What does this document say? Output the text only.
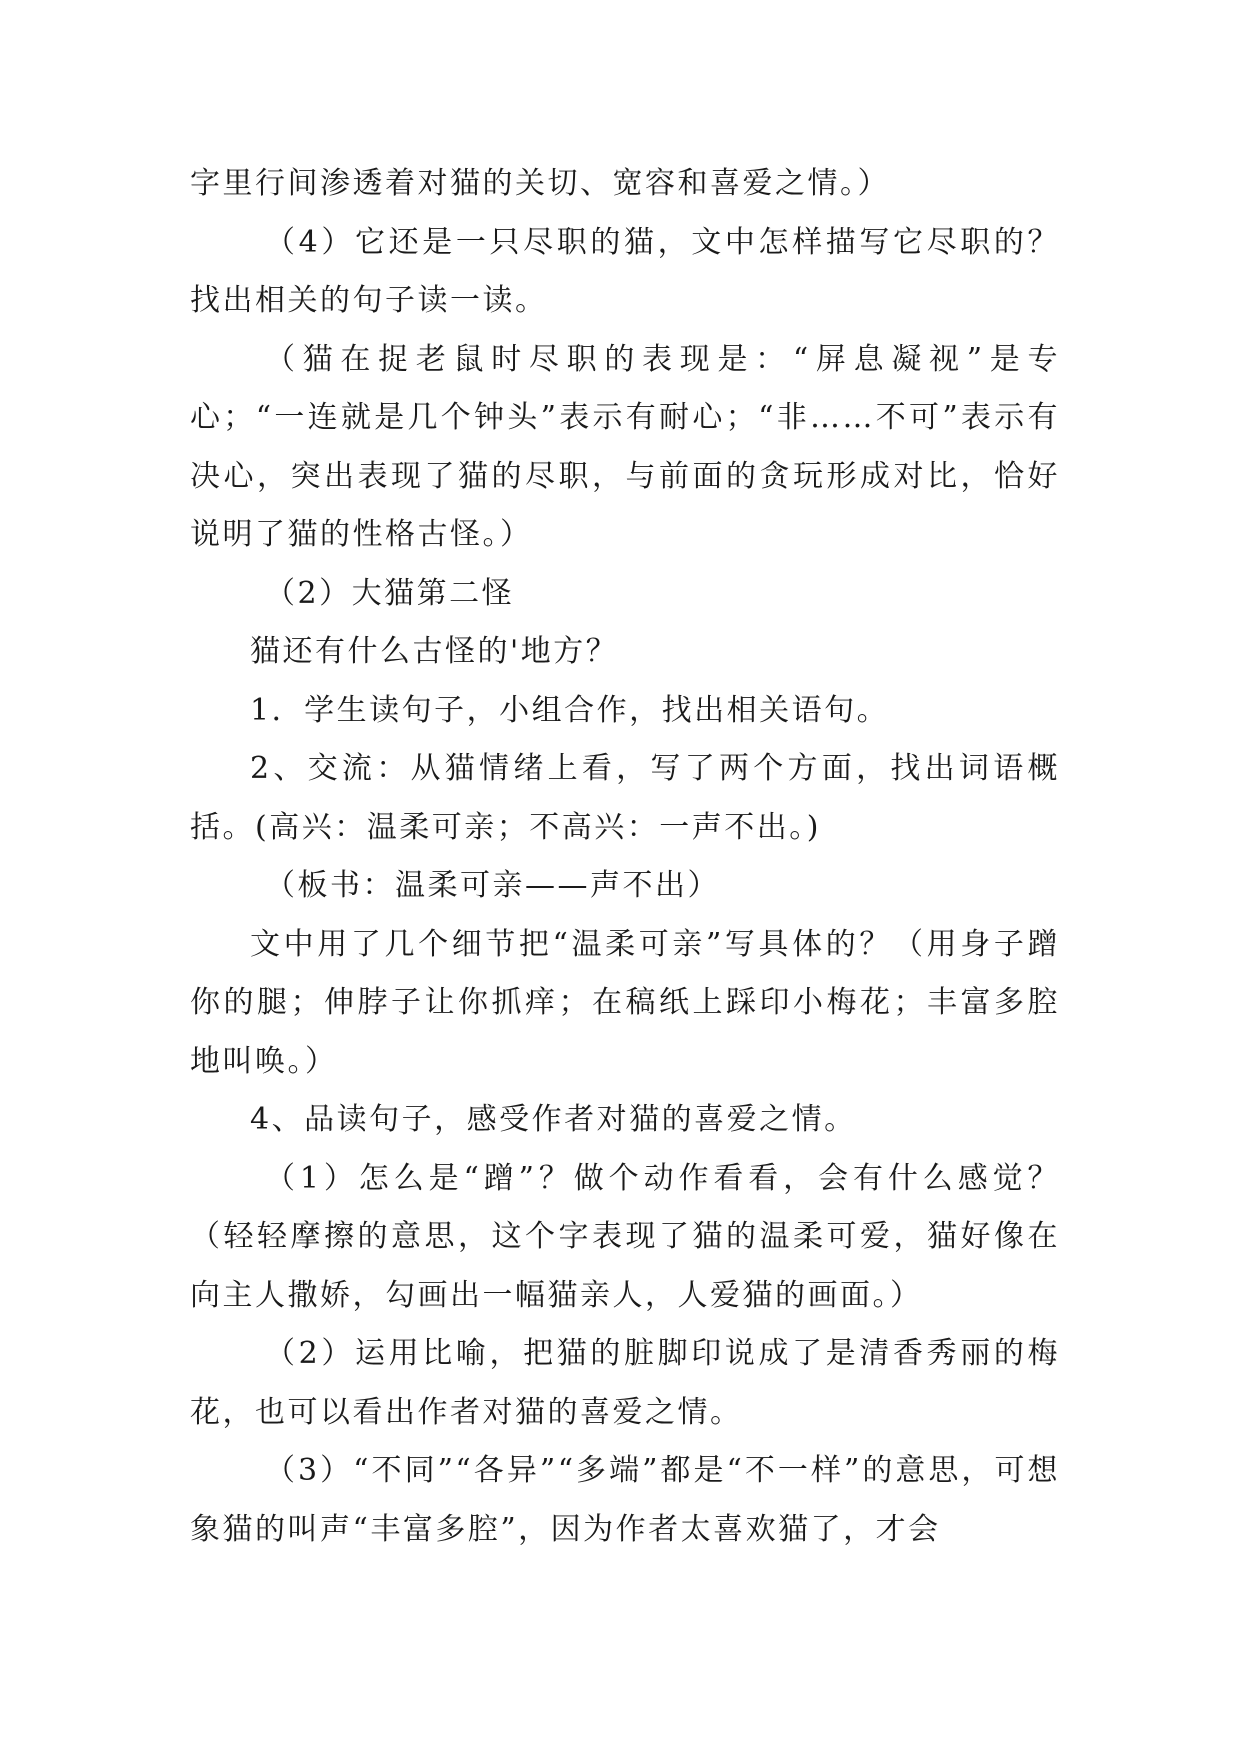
字里行间渗透着对猫的关切、宽容和喜爱之情。）

（4）它还是一只尽职的猫，文中怎样描写它尽职的？找出相关的句子读一读。

（猫在捉老鼠时尽职的表现是：“屏息凝视”是专心；“一连就是几个钟头”表示有耐心；“非……不可”表示有决心，突出表现了猫的尽职，与前面的贪玩形成对比，恰好说明了猫的性格古怪。）

（2）大猫第二怪

猫还有什么古怪的'地方？

1．学生读句子，小组合作，找出相关语句。

2、交流：从猫情绪上看，写了两个方面，找出词语概括。(高兴：温柔可亲；不高兴：一声不出。)

（板书：温柔可亲——声不出）

文中用了几个细节把“温柔可亲”写具体的？（用身子蹭你的腿；伸脖子让你抓痒；在稿纸上踩印小梅花；丰富多腔地叫唤。）

4、品读句子，感受作者对猫的喜爱之情。

（1）怎么是“蹭”？做个动作看看，会有什么感觉？（轻轻摩擦的意思，这个字表现了猫的温柔可爱，猫好像在向主人撒娇，勾画出一幅猫亲人，人爱猫的画面。）

（2）运用比喻，把猫的脏脚印说成了是清香秀丽的梅花，也可以看出作者对猫的喜爱之情。

（3）“不同”“各异”“多端”都是“不一样”的意思，可想象猫的叫声“丰富多腔”，因为作者太喜欢猫了，才会
